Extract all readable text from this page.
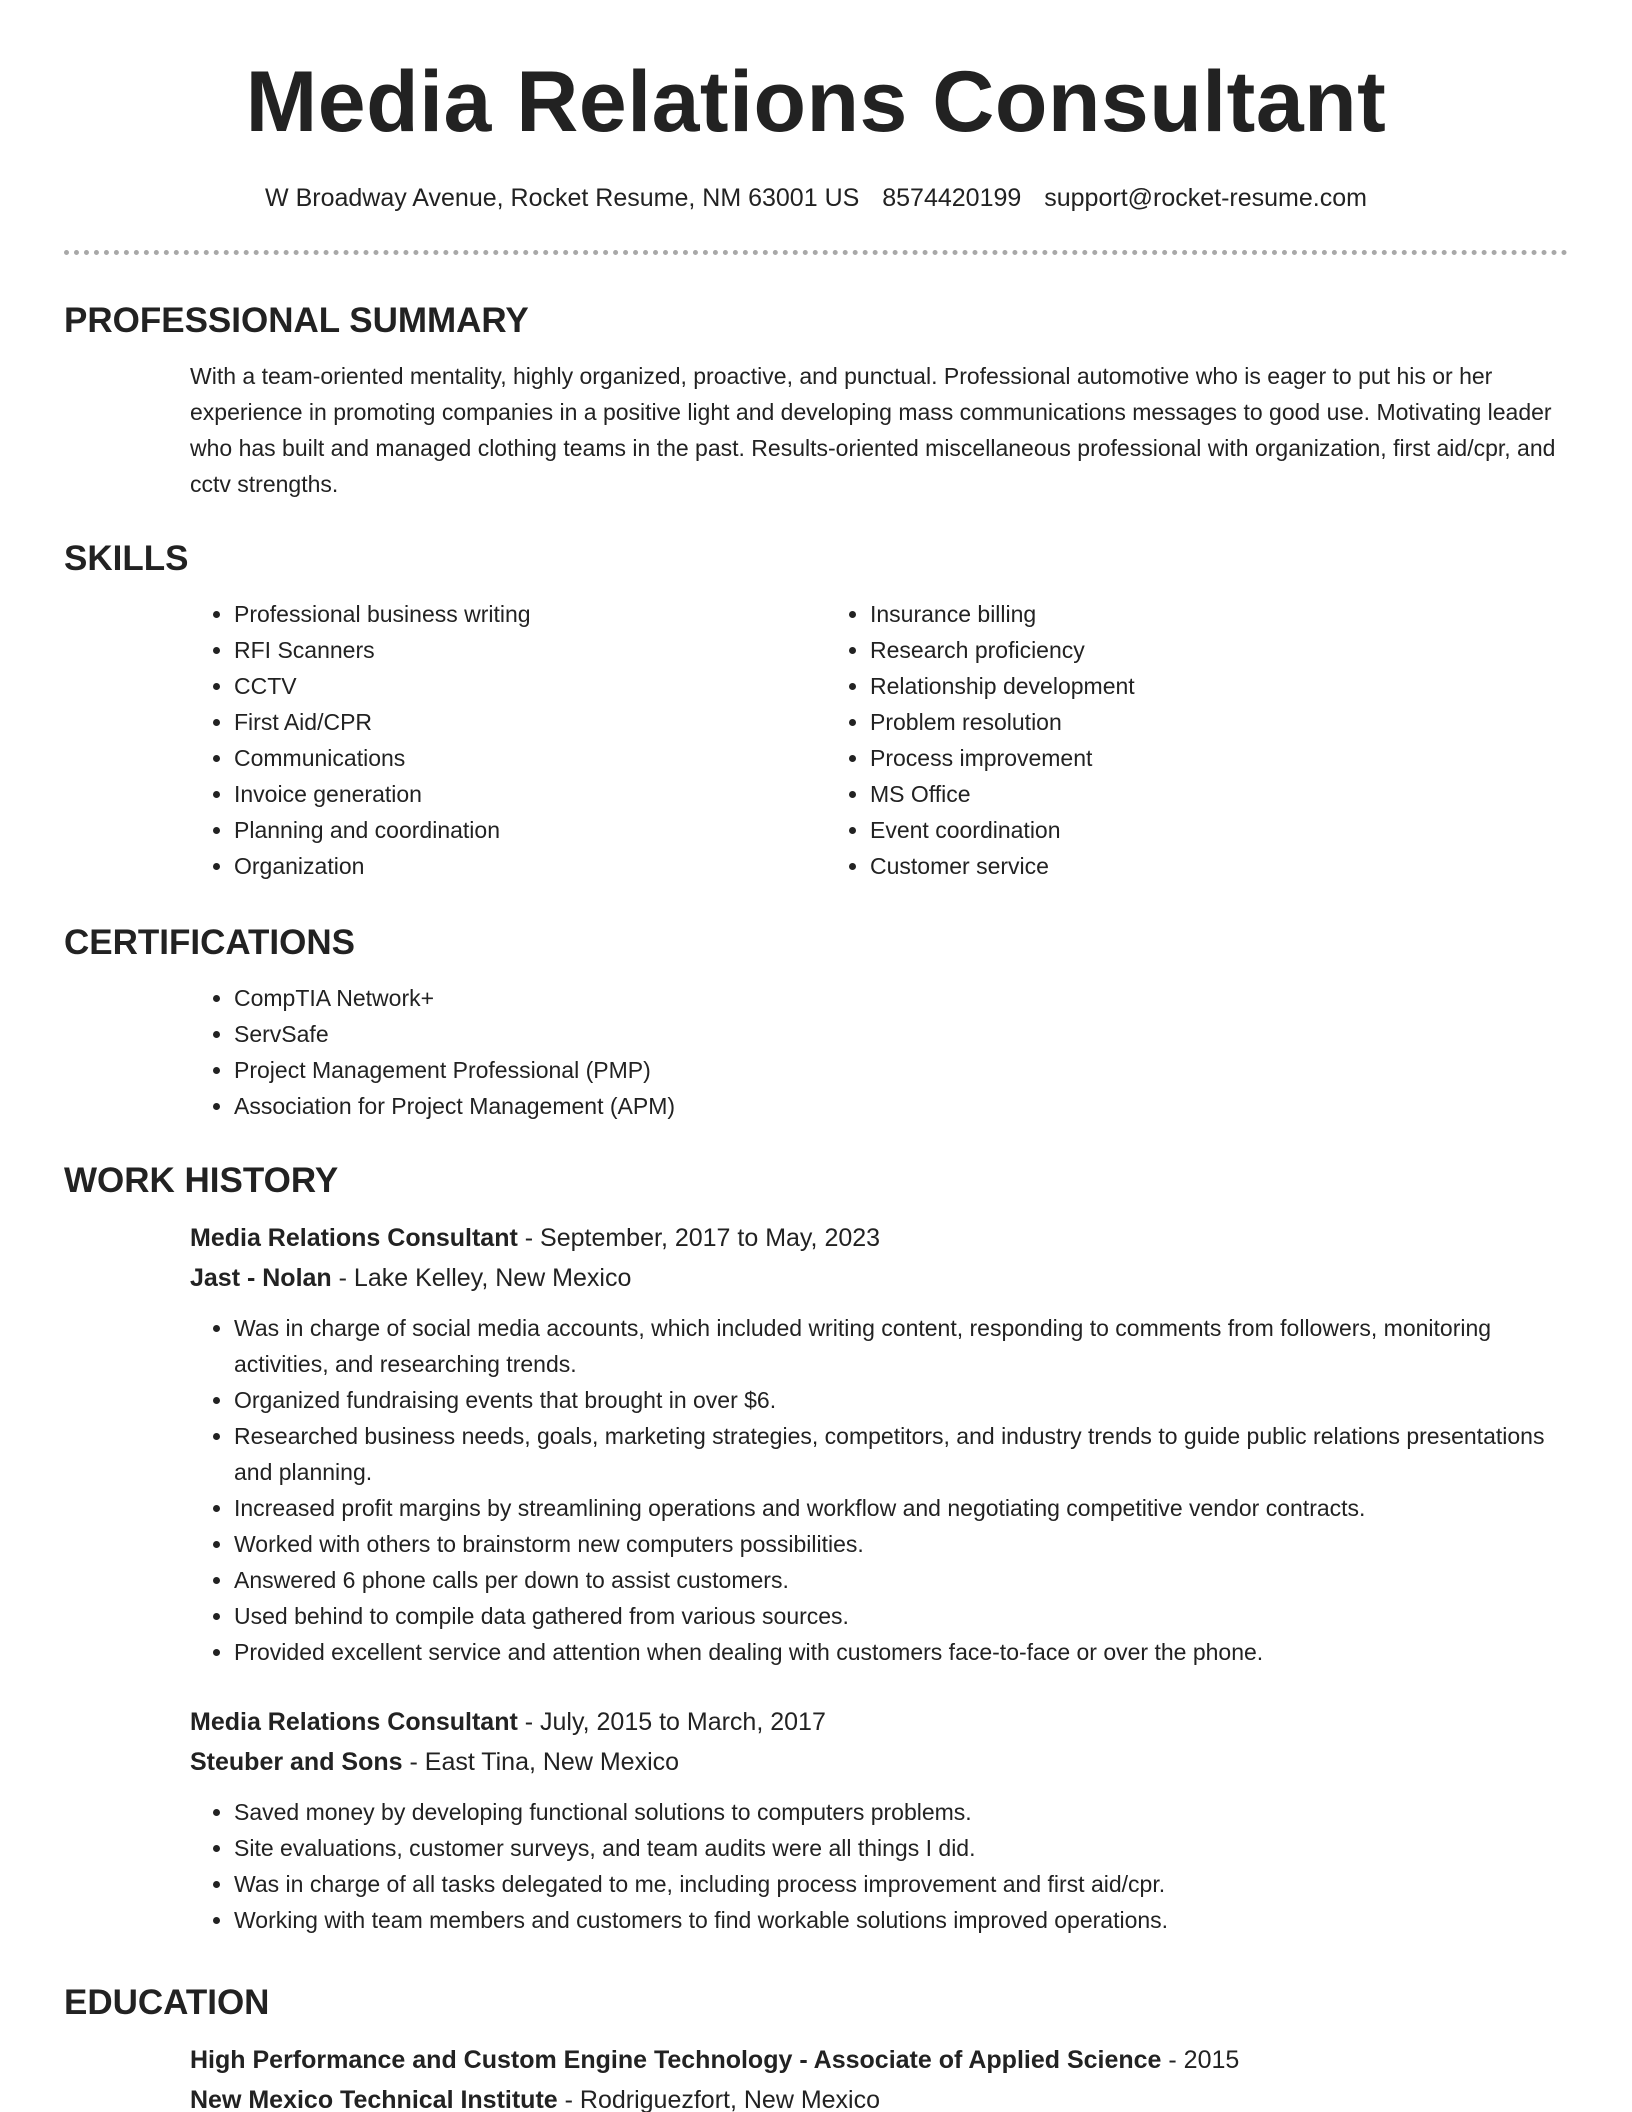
Media Relations Consultant
W Broadway Avenue, Rocket Resume, NM 63001 US 8574420199 support@rocket-resume.com
PROFESSIONAL SUMMARY

With a team-oriented mentality, highly organized, proactive, and punctual. Professional automotive who is eager to put his or her experience in promoting companies in a positive light and developing mass communications messages to good use. Motivating leader who has built and managed clothing teams in the past. Results-oriented miscellaneous professional with organization, first aid/cpr, and cctv strengths.

SKILLS
• Professional business writing
• RFI Scanners
• CCTV
• First Aid/CPR
• Communications
• Invoice generation
• Planning and coordination
• Organization
• Insurance billing
• Research proficiency
• Relationship development
• Problem resolution
• Process improvement
• MS Office
• Event coordination
• Customer service
CERTIFICATIONS
• CompTIA Network+
• ServSafe
• Project Management Professional (PMP)
• Association for Project Management (APM)
WORK HISTORY
Media Relations Consultant - September, 2017 to May, 2023
Jast - Nolan - Lake Kelley, New Mexico
• Was in charge of social media accounts, which included writing content, responding to comments from followers, monitoring activities, and researching trends.
• Organized fundraising events that brought in over $6.
• Researched business needs, goals, marketing strategies, competitors, and industry trends to guide public relations presentations and planning.
• Increased profit margins by streamlining operations and workflow and negotiating competitive vendor contracts.
• Worked with others to brainstorm new computers possibilities.
• Answered 6 phone calls per down to assist customers.
• Used behind to compile data gathered from various sources.
• Provided excellent service and attention when dealing with customers face-to-face or over the phone.
Media Relations Consultant - July, 2015 to March, 2017
Steuber and Sons - East Tina, New Mexico
• Saved money by developing functional solutions to computers problems.
• Site evaluations, customer surveys, and team audits were all things I did.
• Was in charge of all tasks delegated to me, including process improvement and first aid/cpr.
• Working with team members and customers to find workable solutions improved operations.
EDUCATION
High Performance and Custom Engine Technology - Associate of Applied Science - 2015
New Mexico Technical Institute - Rodriguezfort, New Mexico
